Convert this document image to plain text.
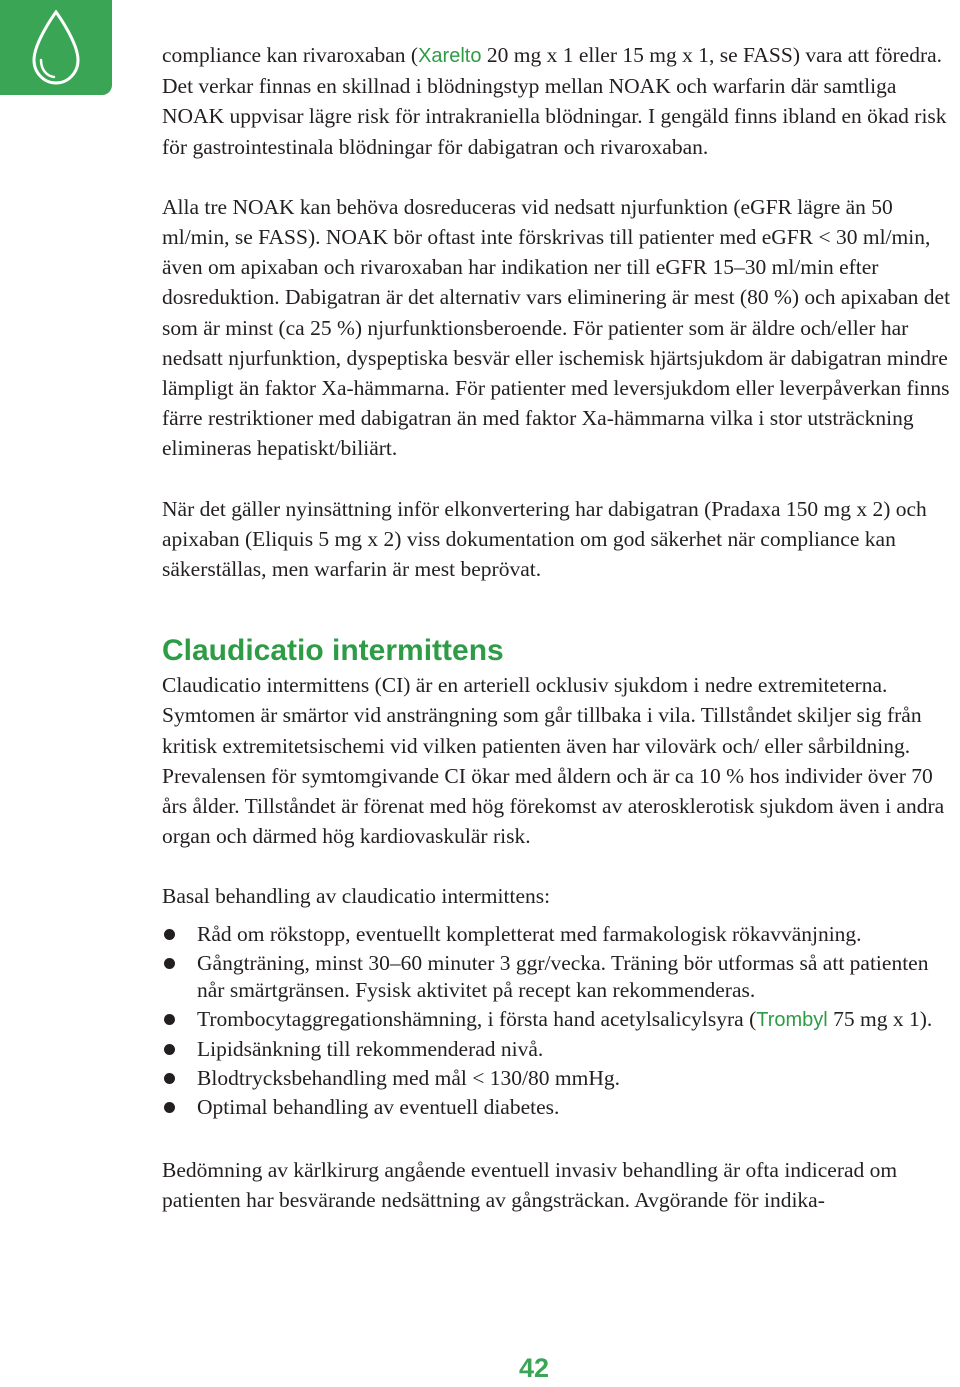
compliance kan rivaroxaban (Xarelto 20 mg x 1 eller 15 mg x 1, se FASS) vara att föredra. Det verkar finnas en skillnad i blödningstyp mellan NOAK och warfarin där samtliga NOAK uppvisar lägre risk för intrakraniella blödningar. I gengäld finns ibland en ökad risk för gastrointestinala blödningar för dabigatran och rivaroxaban.

Alla tre NOAK kan behöva dosreduceras vid nedsatt njurfunktion (eGFR lägre än 50 ml/min, se FASS). NOAK bör oftast inte förskrivas till patienter med eGFR < 30 ml/min, även om apixaban och rivaroxaban har indikation ner till eGFR 15–30 ml/min efter dosreduktion. Dabigatran är det alternativ vars eliminering är mest (80 %) och apixaban det som är minst (ca 25 %) njurfunktionsberoende. För patienter som är äldre och/eller har nedsatt njurfunktion, dyspeptiska besvär eller ischemisk hjärtsjukdom är dabigatran mindre lämpligt än faktor Xa-hämmarna. För patienter med leversjukdom eller leverpåverkan finns färre restriktioner med dabigatran än med faktor Xa-hämmarna vilka i stor utsträckning elimineras hepatiskt/biliärt.

När det gäller nyinsättning inför elkonvertering har dabigatran (Pradaxa 150 mg x 2) och apixaban (Eliquis 5 mg x 2) viss dokumentation om god säkerhet när compliance kan säkerställas, men warfarin är mest beprövat.

Claudicatio intermittens

Claudicatio intermittens (CI) är en arteriell ocklusiv sjukdom i nedre extremiteterna. Symtomen är smärtor vid ansträngning som går tillbaka i vila. Tillståndet skiljer sig från kritisk extremitetsischemi vid vilken patienten även har vilovärk och/ eller sårbildning. Prevalensen för symtomgivande CI ökar med åldern och är ca 10 % hos individer över 70 års ålder. Tillståndet är förenat med hög förekomst av aterosklerotisk sjukdom även i andra organ och därmed hög kardiovaskulär risk.

Basal behandling av claudicatio intermittens:

Råd om rökstopp, eventuellt kompletterat med farmakologisk rökavvänjning.
Gångträning, minst 30–60 minuter 3 ggr/vecka. Träning bör utformas så att patienten når smärtgränsen. Fysisk aktivitet på recept kan rekommenderas.
Trombocytaggregationshämning, i första hand acetylsalicylsyra (Trombyl 75 mg x 1).
Lipidsänkning till rekommenderad nivå.
Blodtrycksbehandling med mål < 130/80 mmHg.
Optimal behandling av eventuell diabetes.

Bedömning av kärlkirurg angående eventuell invasiv behandling är ofta indicerad om patienten har besvärande nedsättning av gångsträckan. Avgörande för indika-

42
